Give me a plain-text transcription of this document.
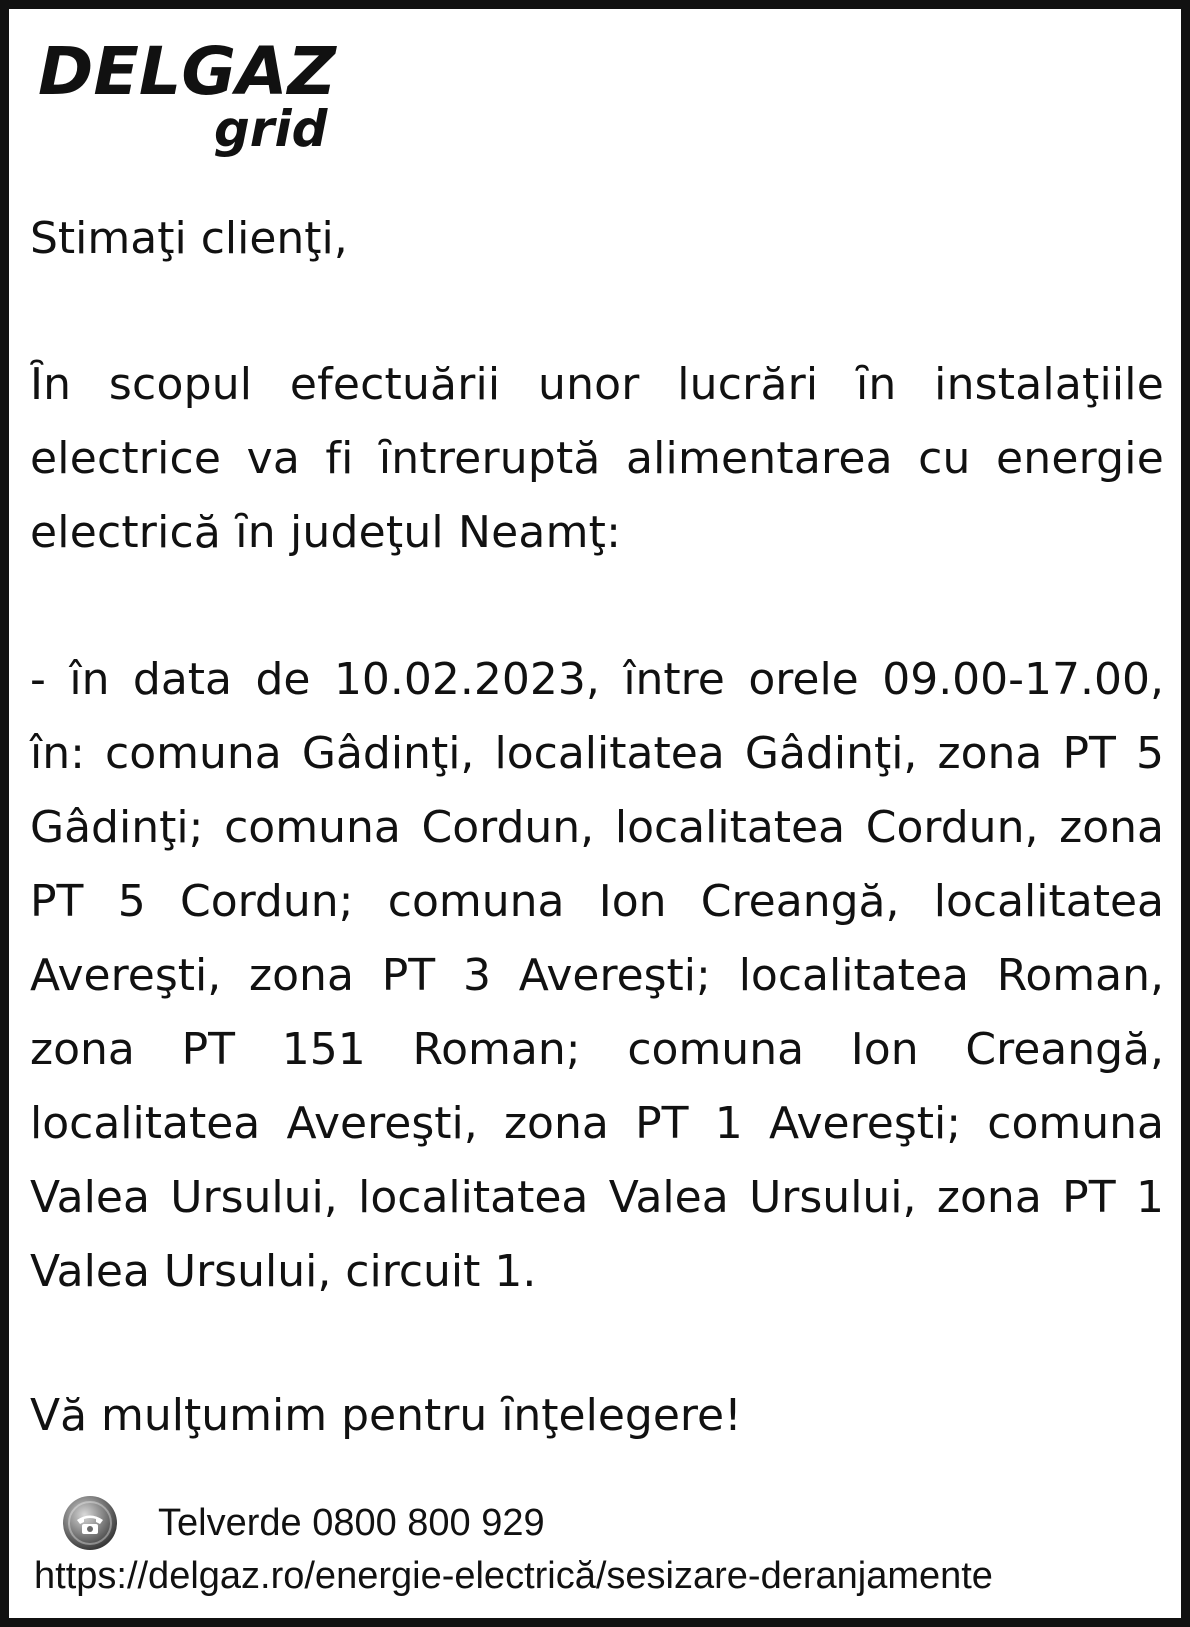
DELGAZ
grid

Stimaţi clienţi,

Ȋn scopul efectuării unor lucrări ȋn instalaţiile electrice va fi ȋntreruptă alimentarea cu energie electrică ȋn judeţul Neamţ:

- în data de 10.02.2023, între orele 09.00-17.00, în: comuna Gâdinţi, localitatea Gâdinţi, zona PT 5 Gâdinţi; comuna Cordun, localitatea Cordun, zona PT 5 Cordun; comuna Ion Creangă, localitatea Avereşti, zona PT 3 Avereşti; localitatea Roman, zona PT 151 Roman; comuna Ion Creangă, localitatea Avereşti, zona PT 1 Avereşti; comuna Valea Ursului, localitatea Valea Ursului, zona PT 1 Valea Ursului, circuit 1.

Vă mulţumim pentru ȋnţelegere!

Telverde 0800 800 929
https://delgaz.ro/energie-electrică/sesizare-deranjamente
